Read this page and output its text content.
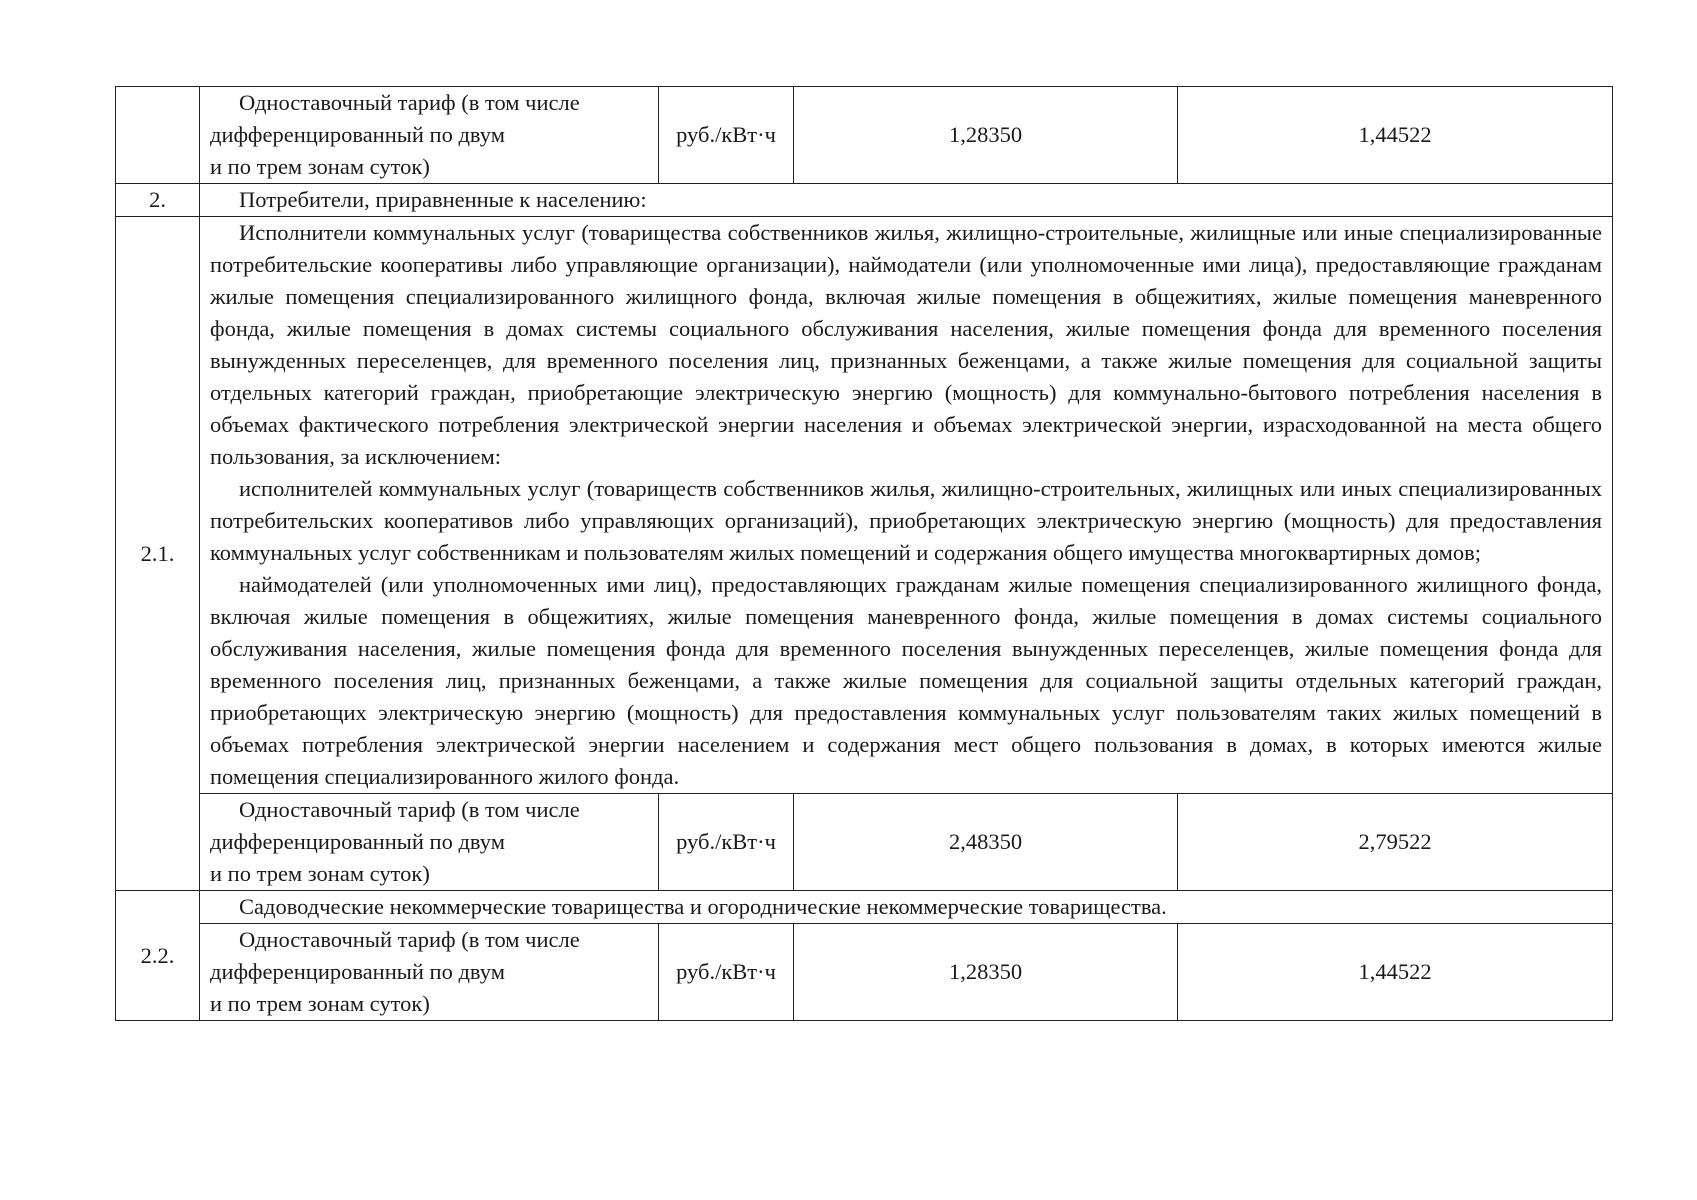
	Одноставочный тариф (в том числе
дифференцированный по двум
и по трем зонам суток)	руб./кВт·ч	1,28350	1,44522
2.	Потребители, приравненные к населению:			

2.1.	Исполнители коммунальных услуг (товарищества собственников жилья, жилищно-строительные, жилищные или иные специализированные потребительские кооперативы либо управляющие организации), наймодатели (или уполномоченные ими лица), предоставляющие гражданам жилые помещения специализированного жилищного фонда, включая жилые помещения в общежитиях, жилые помещения маневренного фонда, жилые помещения в домах системы социального обслуживания населения, жилые помещения фонда для временного поселения вынужденных переселенцев, для временного поселения лиц, признанных беженцами, а также жилые помещения для социальной защиты отдельных категорий граждан, приобретающие электрическую энергию (мощность) для коммунально-бытового потребления населения в объемах фактического потребления электрической энергии населения и объемах электрической энергии, израсходованной на места общего пользования, за исключением:

исполнителей коммунальных услуг (товариществ собственников жилья, жилищно-строительных, жилищных или иных специализированных потребительских кооперативов либо управляющих организаций), приобретающих электрическую энергию (мощность) для предоставления коммунальных услуг собственникам и пользователям жилых помещений и содержания общего имущества многоквартирных домов;

наймодателей (или уполномоченных ими лиц), предоставляющих гражданам жилые помещения специализированного жилищного фонда, включая жилые помещения в общежитиях, жилые помещения маневренного фонда, жилые помещения в домах системы социального обслуживания населения, жилые помещения фонда для временного поселения вынужденных переселенцев, жилые помещения фонда для временного поселения лиц, признанных беженцами, а также жилые помещения для социальной защиты отдельных категорий граждан, приобретающих электрическую энергию (мощность) для предоставления коммунальных услуг пользователям таких жилых помещений в объемах потребления электрической энергии населением и содержания мест общего пользования в домах, в которых имеются жилые помещения специализированного жилого фонда.			

	Одноставочный тариф (в том числе
дифференцированный по двум
и по трем зонам суток)	руб./кВт·ч	2,48350	2,79522
2.2.	Садоводческие некоммерческие товарищества и огороднические некоммерческие товарищества.			

	Одноставочный тариф (в том числе
дифференцированный по двум
и по трем зонам суток)	руб./кВт·ч	1,28350	1,44522
